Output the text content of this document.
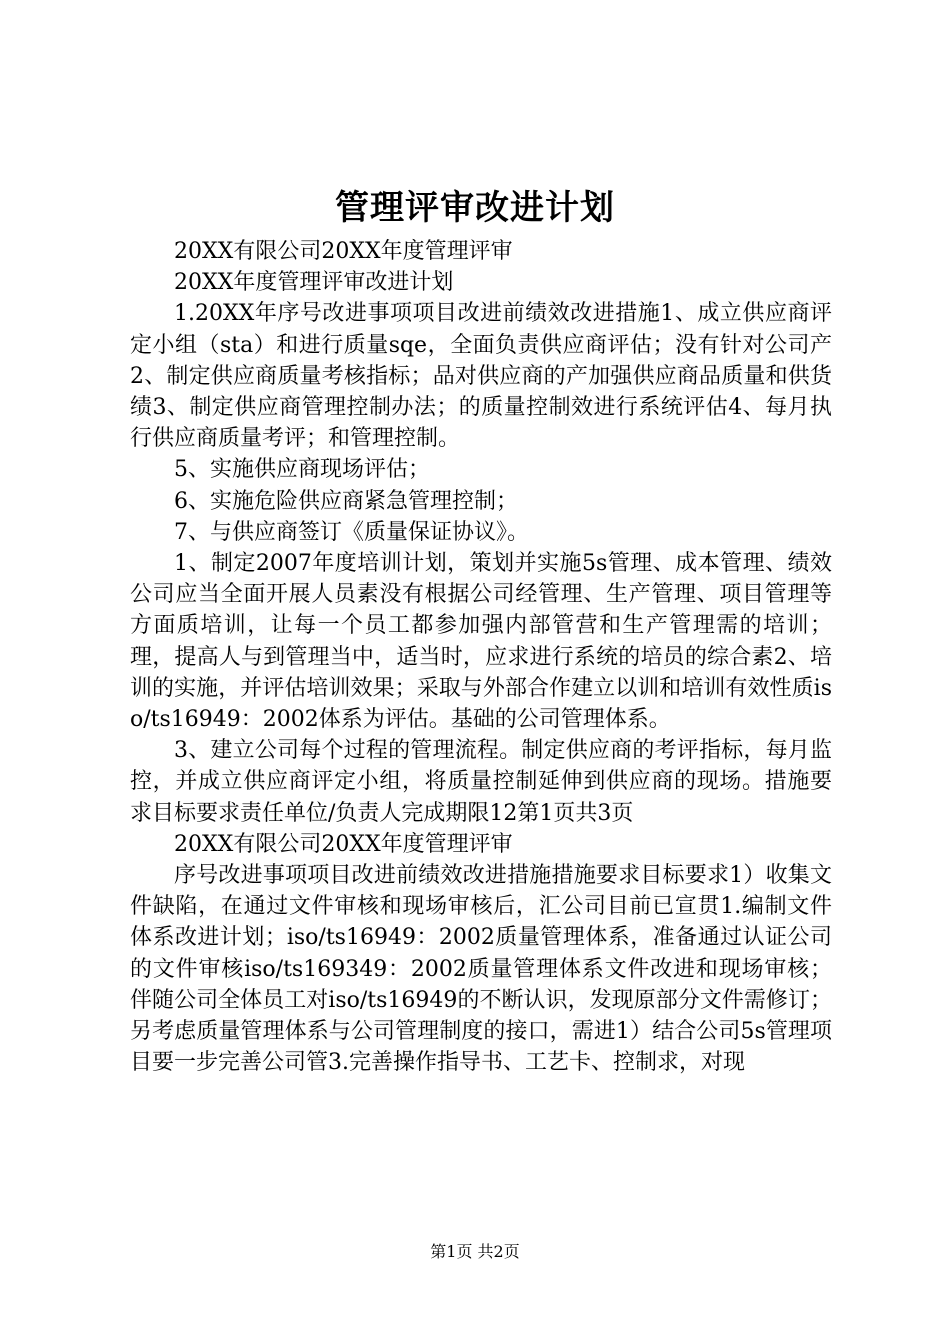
管理评审改进计划

20XX有限公司20XX年度管理评审

20XX年度管理评审改进计划

1.20XX年序号改进事项项目改进前绩效改进措施1、成立供应商评定小组（sta）和进行质量sqe，全面负责供应商评估；没有针对公司产2、制定供应商质量考核指标；品对供应商的产加强供应商品质量和供货绩3、制定供应商管理控制办法；的质量控制效进行系统评估4、每月执行供应商质量考评；和管理控制。

5、实施供应商现场评估；

6、实施危险供应商紧急管理控制；

7、与供应商签订《质量保证协议》。

1、制定2007年度培训计划，策划并实施5s管理、成本管理、绩效公司应当全面开展人员素没有根据公司经管理、生产管理、项目管理等方面质培训，让每一个员工都参加强内部管营和生产管理需的培训；理，提高人与到管理当中，适当时，应求进行系统的培员的综合素2、培训的实施，并评估培训效果；采取与外部合作建立以训和培训有效性质iso/ts16949：2002体系为评估。基础的公司管理体系。

3、建立公司每个过程的管理流程。制定供应商的考评指标，每月监控，并成立供应商评定小组，将质量控制延伸到供应商的现场。措施要求目标要求责任单位/负责人完成期限12第1页共3页

20XX有限公司20XX年度管理评审

序号改进事项项目改进前绩效改进措施措施要求目标要求1）收集文件缺陷，在通过文件审核和现场审核后，汇公司目前已宣贯1.编制文件体系改进计划；iso/ts16949：2002质量管理体系，准备通过认证公司的文件审核iso/ts169349：2002质量管理体系文件改进和现场审核；伴随公司全体员工对iso/ts16949的不断认识，发现原部分文件需修订；另考虑质量管理体系与公司管理制度的接口，需进1）结合公司5s管理项目要一步完善公司管3.完善操作指导书、工艺卡、控制求，对现

第1页 共2页
